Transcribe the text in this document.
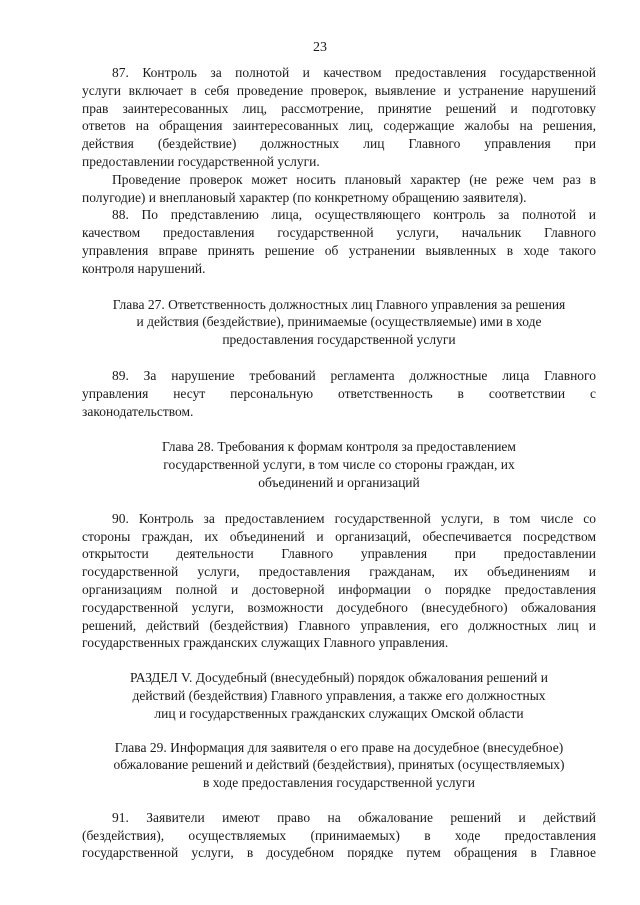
23
87. Контроль за полнотой и качеством предоставления государственной
услуги включает в себя проведение проверок, выявление и устранение нарушений
прав заинтересованных лиц, рассмотрение, принятие решений и подготовку
ответов на обращения заинтересованных лиц, содержащие жалобы на решения,
действия (бездействие) должностных лиц Главного управления при
предоставлении государственной услуги.
Проведение проверок может носить плановый характер (не реже чем раз в
полугодие) и внеплановый характер (по конкретному обращению заявителя).
88. По представлению лица, осуществляющего контроль за полнотой и
качеством предоставления государственной услуги, начальник Главного
управления вправе принять решение об устранении выявленных в ходе такого
контроля нарушений.
Глава 27. Ответственность должностных лиц Главного управления за решения
и действия (бездействие), принимаемые (осуществляемые) ими в ходе
предоставления государственной услуги
89. За нарушение требований регламента должностные лица Главного
управления несут персональную ответственность в соответствии с
законодательством.
Глава 28. Требования к формам контроля за предоставлением
государственной услуги, в том числе со стороны граждан, их
объединений и организаций
90. Контроль за предоставлением государственной услуги, в том числе со
стороны граждан, их объединений и организаций, обеспечивается посредством
открытости деятельности Главного управления при предоставлении
государственной услуги, предоставления гражданам, их объединениям и
организациям полной и достоверной информации о порядке предоставления
государственной услуги, возможности досудебного (внесудебного) обжалования
решений, действий (бездействия) Главного управления, его должностных лиц и
государственных гражданских служащих Главного управления.
РАЗДЕЛ V. Досудебный (внесудебный) порядок обжалования решений и
действий (бездействия) Главного управления, а также его должностных
лиц и государственных гражданских служащих Омской области
Глава 29. Информация для заявителя о его праве на досудебное (внесудебное)
обжалование решений и действий (бездействия), принятых (осуществляемых)
в ходе предоставления государственной услуги
91. Заявители имеют право на обжалование решений и действий
(бездействия), осуществляемых (принимаемых) в ходе предоставления
государственной услуги, в досудебном порядке путем обращения в Главное
